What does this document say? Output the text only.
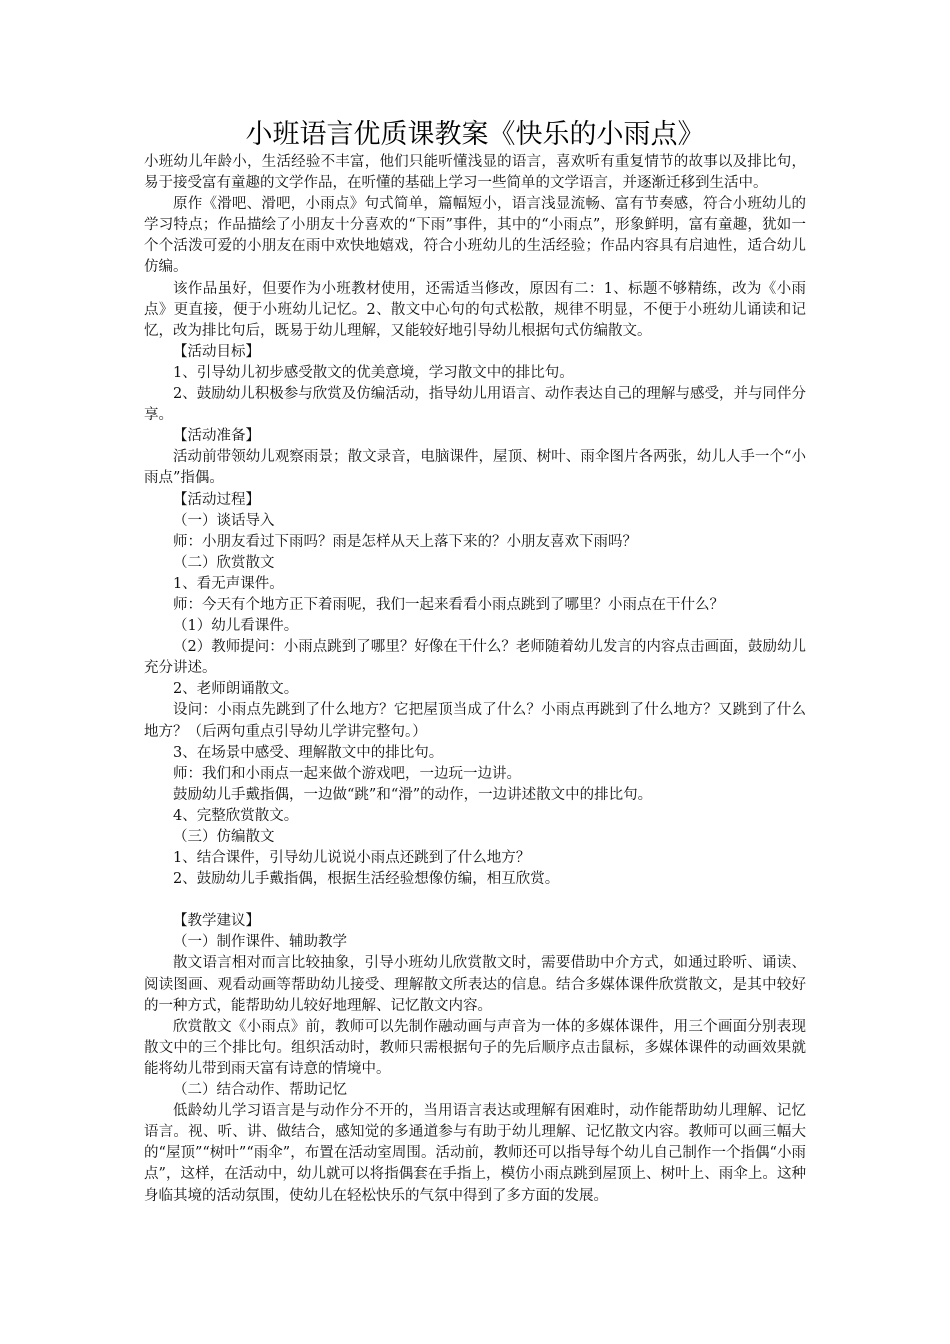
小班语言优质课教案《快乐的小雨点》

小班幼儿年龄小，生活经验不丰富，他们只能听懂浅显的语言，喜欢听有重复情节的故事以及排比句，易于接受富有童趣的文学作品，在听懂的基础上学习一些简单的文学语言，并逐渐迁移到生活中。

原作《滑吧、滑吧，小雨点》句式简单，篇幅短小，语言浅显流畅、富有节奏感，符合小班幼儿的学习特点；作品描绘了小朋友十分喜欢的“下雨”事件，其中的“小雨点”，形象鲜明，富有童趣，犹如一个个活泼可爱的小朋友在雨中欢快地嬉戏，符合小班幼儿的生活经验；作品内容具有启迪性，适合幼儿仿编。

该作品虽好，但要作为小班教材使用，还需适当修改，原因有二：1、标题不够精练，改为《小雨点》更直接，便于小班幼儿记忆。2、散文中心句的句式松散，规律不明显，不便于小班幼儿诵读和记忆，改为排比句后，既易于幼儿理解，又能较好地引导幼儿根据句式仿编散文。

【活动目标】

1、引导幼儿初步感受散文的优美意境，学习散文中的排比句。

2、鼓励幼儿积极参与欣赏及仿编活动，指导幼儿用语言、动作表达自己的理解与感受，并与同伴分享。

【活动准备】

活动前带领幼儿观察雨景；散文录音，电脑课件，屋顶、树叶、雨伞图片各两张，幼儿人手一个“小雨点”指偶。

【活动过程】

（一）谈话导入

师：小朋友看过下雨吗？雨是怎样从天上落下来的？小朋友喜欢下雨吗？

（二）欣赏散文

1、看无声课件。

师：今天有个地方正下着雨呢，我们一起来看看小雨点跳到了哪里？小雨点在干什么？

（1）幼儿看课件。

（2）教师提问：小雨点跳到了哪里？好像在干什么？老师随着幼儿发言的内容点击画面，鼓励幼儿充分讲述。

2、老师朗诵散文。

设问：小雨点先跳到了什么地方？它把屋顶当成了什么？小雨点再跳到了什么地方？又跳到了什么地方？（后两句重点引导幼儿学讲完整句。）

3、在场景中感受、理解散文中的排比句。

师：我们和小雨点一起来做个游戏吧，一边玩一边讲。

鼓励幼儿手戴指偶，一边做“跳”和“滑”的动作，一边讲述散文中的排比句。

4、完整欣赏散文。

（三）仿编散文

1、结合课件，引导幼儿说说小雨点还跳到了什么地方？

2、鼓励幼儿手戴指偶，根据生活经验想像仿编，相互欣赏。

【教学建议】

（一）制作课件、辅助教学

散文语言相对而言比较抽象，引导小班幼儿欣赏散文时，需要借助中介方式，如通过聆听、诵读、阅读图画、观看动画等帮助幼儿接受、理解散文所表达的信息。结合多媒体课件欣赏散文，是其中较好的一种方式，能帮助幼儿较好地理解、记忆散文内容。

欣赏散文《小雨点》前，教师可以先制作融动画与声音为一体的多媒体课件，用三个画面分别表现散文中的三个排比句。组织活动时，教师只需根据句子的先后顺序点击鼠标，多媒体课件的动画效果就能将幼儿带到雨天富有诗意的情境中。

（二）结合动作、帮助记忆

低龄幼儿学习语言是与动作分不开的，当用语言表达或理解有困难时，动作能帮助幼儿理解、记忆语言。视、听、讲、做结合，感知觉的多通道参与有助于幼儿理解、记忆散文内容。教师可以画三幅大的“屋顶”“树叶”“雨伞”，布置在活动室周围。活动前，教师还可以指导每个幼儿自己制作一个指偶“小雨点”，这样，在活动中，幼儿就可以将指偶套在手指上，模仿小雨点跳到屋顶上、树叶上、雨伞上。这种身临其境的活动氛围，使幼儿在轻松快乐的气氛中得到了多方面的发展。
